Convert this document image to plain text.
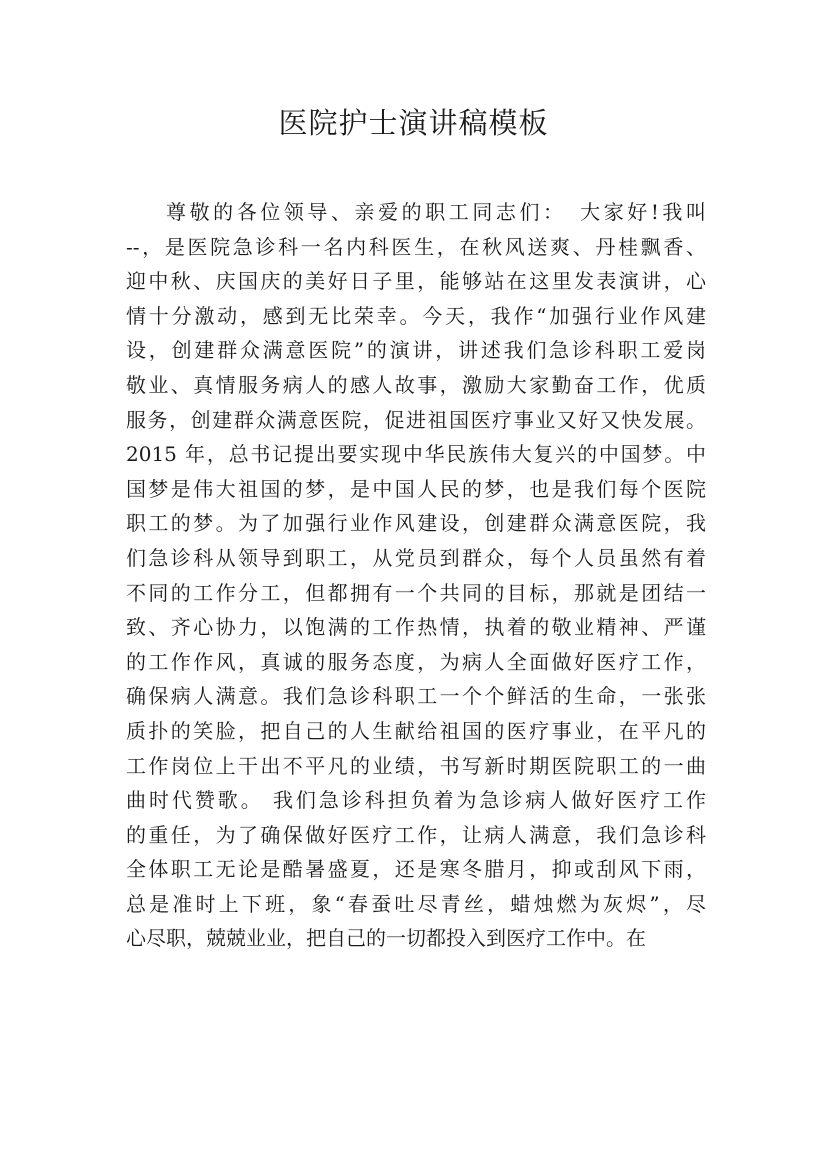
医院护士演讲稿模板
尊敬的各位领导、亲爱的职工同志们：　大家好!我叫
--，是医院急诊科一名内科医生，在秋风送爽、丹桂飘香、
迎中秋、庆国庆的美好日子里，能够站在这里发表演讲，心
情十分激动，感到无比荣幸。今天，我作“加强行业作风建
设，创建群众满意医院”的演讲，讲述我们急诊科职工爱岗
敬业、真情服务病人的感人故事，激励大家勤奋工作，优质
服务，创建群众满意医院，促进祖国医疗事业又好又快发展。
2015 年，总书记提出要实现中华民族伟大复兴的中国梦。中
国梦是伟大祖国的梦，是中国人民的梦，也是我们每个医院
职工的梦。为了加强行业作风建设，创建群众满意医院，我
们急诊科从领导到职工，从党员到群众，每个人员虽然有着
不同的工作分工，但都拥有一个共同的目标，那就是团结一
致、齐心协力，以饱满的工作热情，执着的敬业精神、严谨
的工作作风，真诚的服务态度，为病人全面做好医疗工作，
确保病人满意。我们急诊科职工一个个鲜活的生命，一张张
质扑的笑脸，把自己的人生献给祖国的医疗事业，在平凡的
工作岗位上干出不平凡的业绩，书写新时期医院职工的一曲
曲时代赞歌。 我们急诊科担负着为急诊病人做好医疗工作
的重任，为了确保做好医疗工作，让病人满意，我们急诊科
全体职工无论是酷暑盛夏，还是寒冬腊月，抑或刮风下雨，
总是准时上下班，象“春蚕吐尽青丝，蜡烛燃为灰烬”，尽
心尽职，兢兢业业，把自己的一切都投入到医疗工作中。在
